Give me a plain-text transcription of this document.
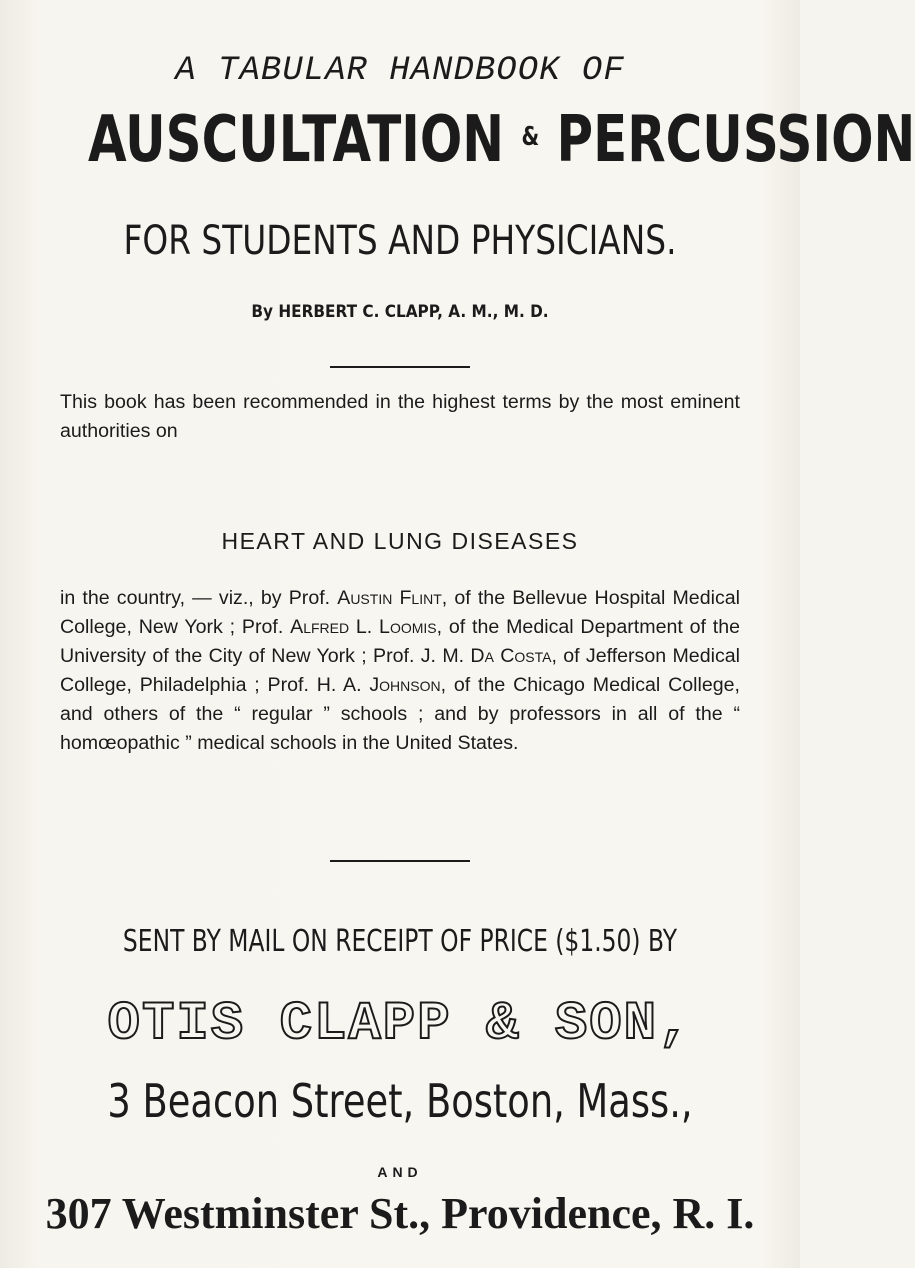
A TABULAR HANDBOOK OF
AUSCULTATION & PERCUSSION
FOR STUDENTS AND PHYSICIANS.
By HERBERT C. CLAPP, A. M., M. D.
This book has been recommended in the highest terms by the most eminent authorities on
HEART AND LUNG DISEASES
in the country, — viz., by Prof. Austin Flint, of the Bellevue Hospital Medical College, New York ; Prof. Alfred L. Loomis, of the Medical Department of the University of the City of New York ; Prof. J. M. Da Costa, of Jefferson Medical College, Philadelphia ; Prof. H. A. Johnson, of the Chicago Medical College, and others of the “ regular ” schools ; and by professors in all of the “ homœopathic ” medical schools in the United States.
SENT BY MAIL ON RECEIPT OF PRICE ($1.50) BY
OTIS CLAPP & SON,
3 Beacon Street, Boston, Mass.,
AND
307 Westminster St., Providence, R. I.
